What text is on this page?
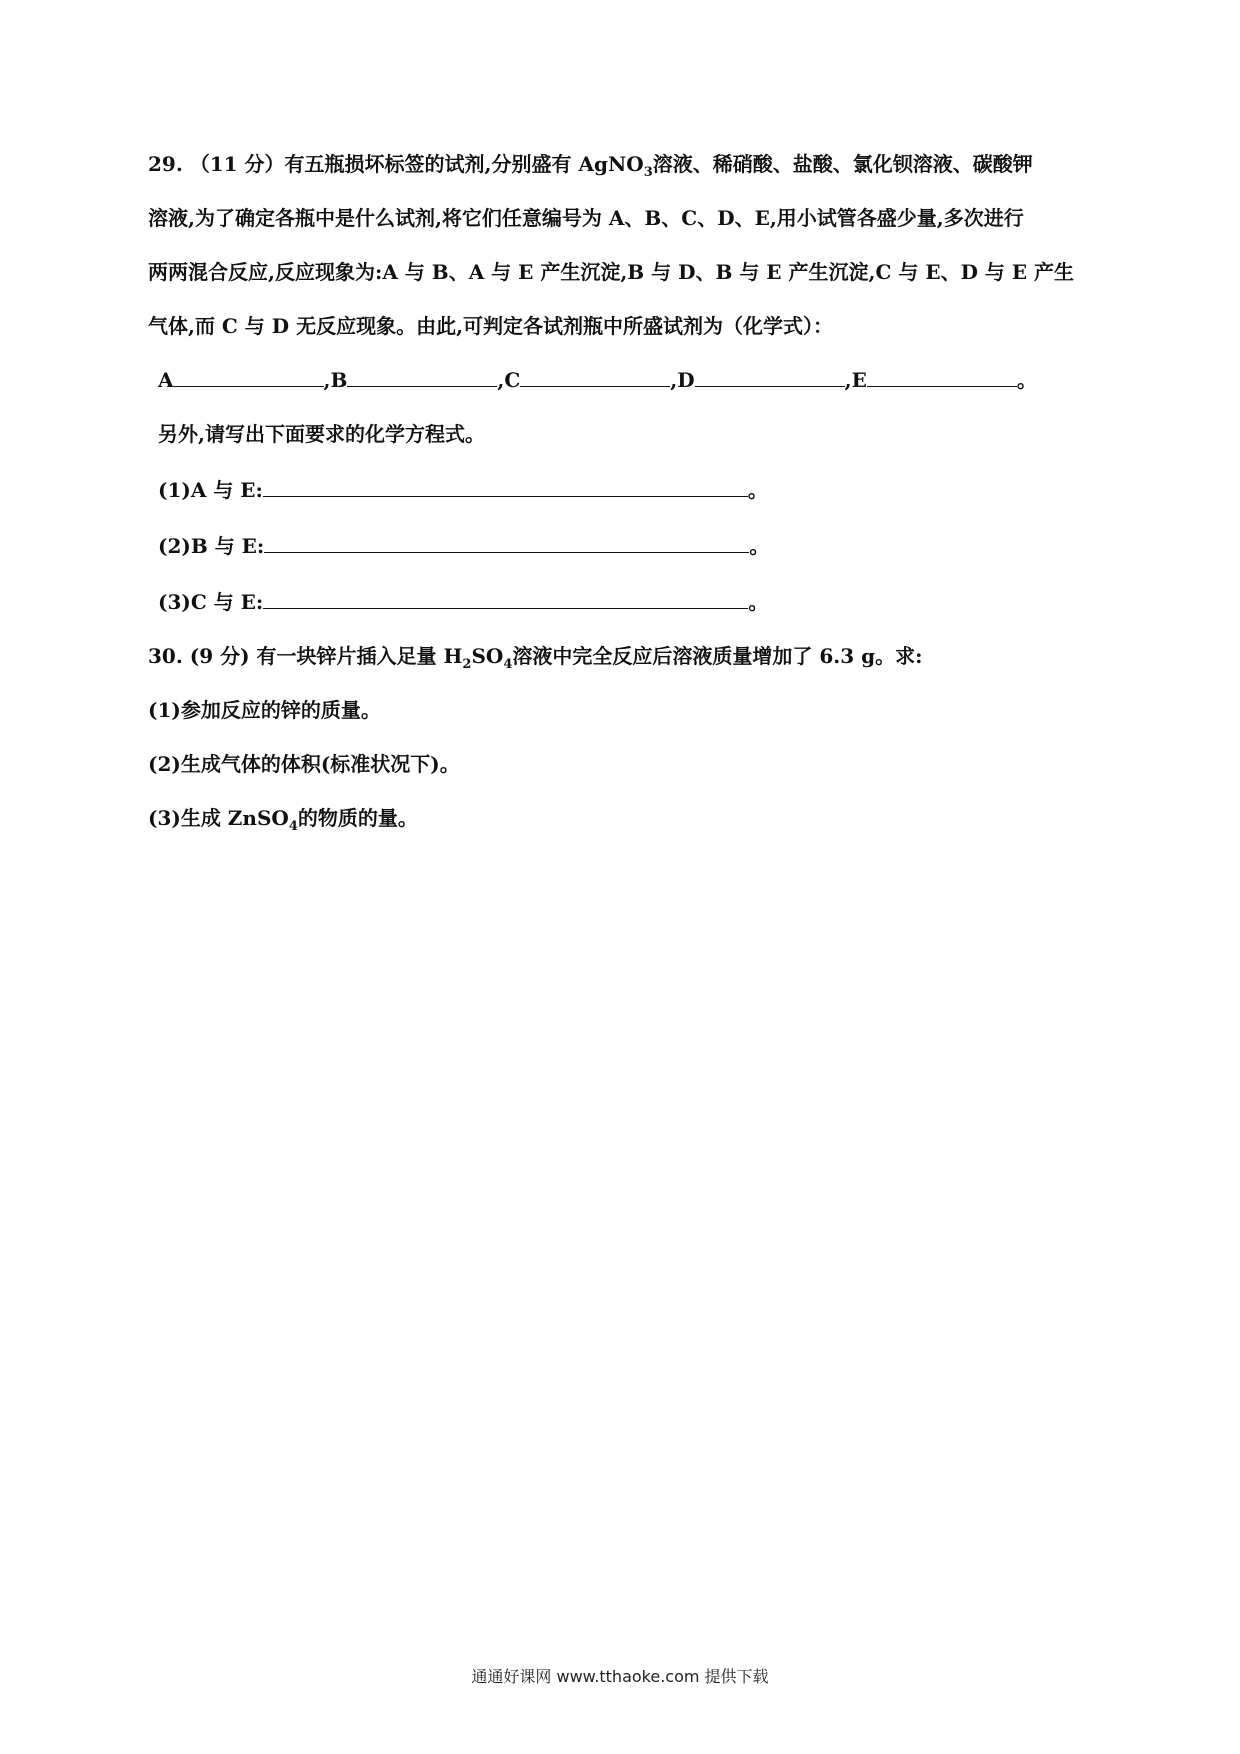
29. （11 分）有五瓶损坏标签的试剂,分别盛有 AgNO$_3$溶液、稀硝酸、盐酸、氯化钡溶液、碳酸钾
溶液,为了确定各瓶中是什么试剂,将它们任意编号为 A、B、C、D、E,用小试管各盛少量,多次进行
两两混合反应,反应现象为:A 与 B、A 与 E 产生沉淀,B 与 D、B 与 E 产生沉淀,C 与 E、D 与 E 产生
气体,而 C 与 D 无反应现象。由此,可判定各试剂瓶中所盛试剂为（化学式）：
A	,B	,C	,D	,E	。
另外,请写出下面要求的化学方程式。
(1)A 与 E:	。
(2)B 与 E:	。
(3)C 与 E:	。
30. (9 分) 有一块锌片插入足量 $H_2SO_4$溶液中完全反应后溶液质量增加了 6.3 g。求:
(1)参加反应的锌的质量。
(2)生成气体的体积(标准状况下)。
(3)生成 ZnSO$_4$的物质的量。
通通好课网 www.tthaoke.com 提供下载
